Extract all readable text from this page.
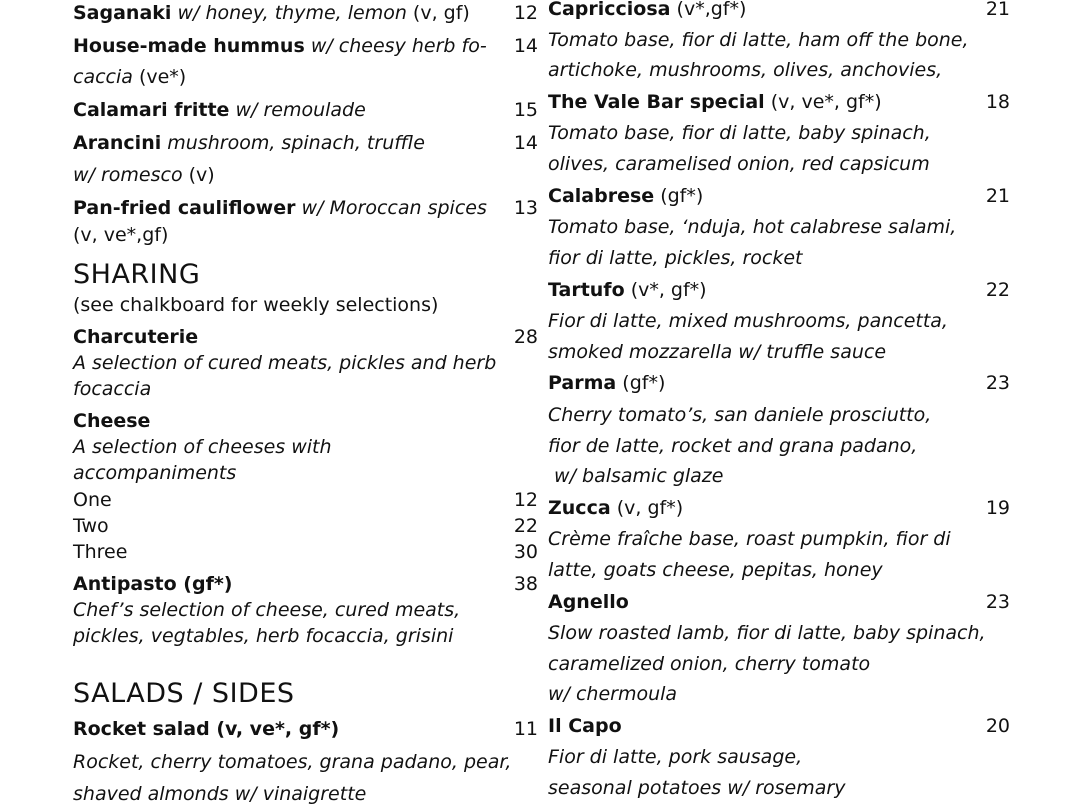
Saganaki w/ honey, thyme, lemon (v, gf) 12
House-made hummus w/ cheesy herb fo- 14
caccia (ve*)
Calamari fritte w/ remoulade	15
Arancini mushroom, spinach, truffle	14
w/ romesco (v)
Pan-fried cauliflower w/ Moroccan spices 13
(v, ve*,gf)
SHARING
(see chalkboard for weekly selections)
Charcuterie	28
A selection of cured meats, pickles and herb
focaccia
Cheese
A selection of cheeses with
accompaniments
One	12
Two	22
Three	30
Antipasto (gf*)	38
Chef’s selection of cheese, cured meats,
pickles, vegtables, herb focaccia, grisini
SALADS / SIDES
Rocket salad (v, ve*, gf*)	11
Rocket, cherry tomatoes, grana padano, pear,
shaved almonds w/ vinaigrette
Capricciosa (v*,gf*)	21
Tomato base, fior di latte, ham off the bone,
artichoke, mushrooms, olives, anchovies,
The Vale Bar special (v, ve*, gf*)	18
Tomato base, fior di latte, baby spinach,
olives, caramelised onion, red capsicum
Calabrese (gf*)	21
Tomato base, ‘nduja, hot calabrese salami,
fior di latte, pickles, rocket
Tartufo (v*, gf*)	22
Fior di latte, mixed mushrooms, pancetta,
smoked mozzarella w/ truffle sauce
Parma (gf*)	23
Cherry tomato’s, san daniele prosciutto,
fior de latte, rocket and grana padano,
w/ balsamic glaze
Zucca (v, gf*)	19
Crème fraîche base, roast pumpkin, fior di
latte, goats cheese, pepitas, honey
Agnello	23
Slow roasted lamb, fior di latte, baby spinach,
caramelized onion, cherry tomato
w/ chermoula
Il Capo	20
Fior di latte, pork sausage,
seasonal potatoes w/ rosemary
